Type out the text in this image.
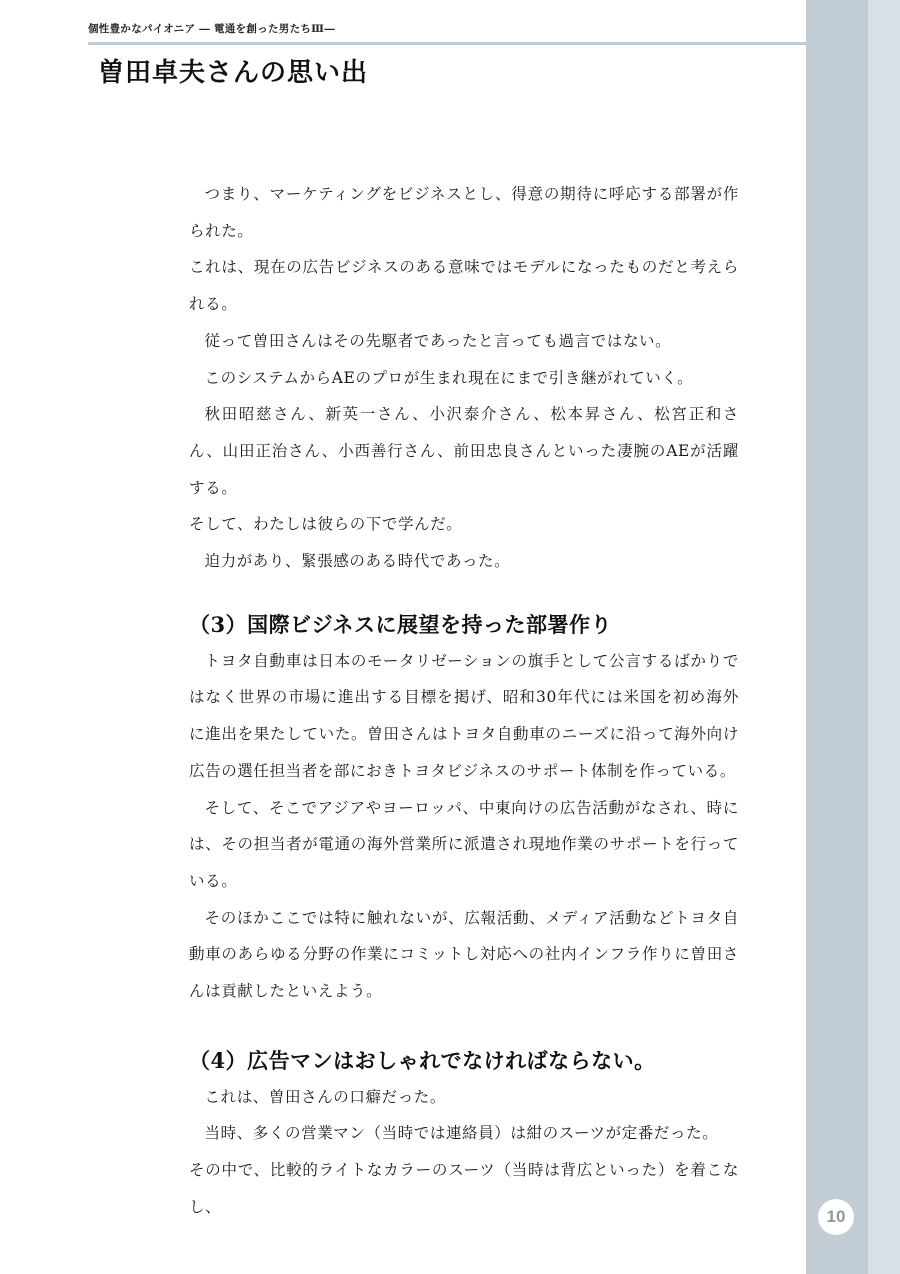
個性豊かなパイオニア ― 電通を創った男たちⅢ―
曽田卓夫さんの思い出

つまり、マーケティングをビジネスとし、得意の期待に呼応する部署が作られた。

これは、現在の広告ビジネスのある意味ではモデルになったものだと考えられる。

従って曽田さんはその先駆者であったと言っても過言ではない。

このシステムからAEのプロが生まれ現在にまで引き継がれていく。

秋田昭慈さん、新英一さん、小沢泰介さん、松本昇さん、松宮正和さん、山田正治さん、小西善行さん、前田忠良さんといった凄腕のAEが活躍する。

そして、わたしは彼らの下で学んだ。

迫力があり、緊張感のある時代であった。

（3）国際ビジネスに展望を持った部署作り

トヨタ自動車は日本のモータリゼーションの旗手として公言するばかりではなく世界の市場に進出する目標を掲げ、昭和30年代には米国を初め海外に進出を果たしていた。曽田さんはトヨタ自動車のニーズに沿って海外向け広告の選任担当者を部におきトヨタビジネスのサポート体制を作っている。

そして、そこでアジアやヨーロッパ、中東向けの広告活動がなされ、時には、その担当者が電通の海外営業所に派遣され現地作業のサポートを行っている。

そのほかここでは特に触れないが、広報活動、メディア活動などトヨタ自動車のあらゆる分野の作業にコミットし対応への社内インフラ作りに曽田さんは貢献したといえよう。

（4）広告マンはおしゃれでなければならない。

これは、曽田さんの口癖だった。

当時、多くの営業マン（当時では連絡員）は紺のスーツが定番だった。

その中で、比較的ライトなカラーのスーツ（当時は背広といった）を着こなし、

10
